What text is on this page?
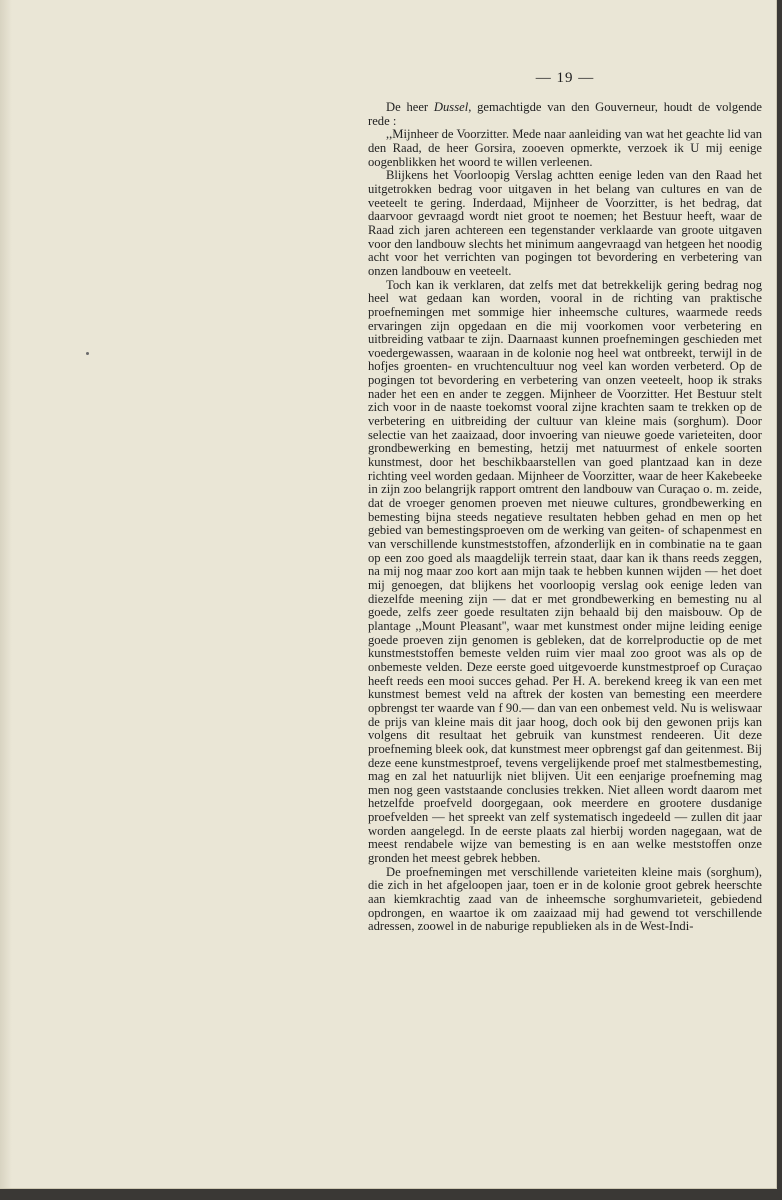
— 19 —

De heer Dussel, gemachtigde van den Gouverneur, houdt de volgende rede :

,,Mijnheer de Voorzitter. Mede naar aanleiding van wat het geachte lid van den Raad, de heer Gorsira, zooeven opmerkte, verzoek ik U mij eenige oogenblikken het woord te willen verleenen.

Blijkens het Voorloopig Verslag achtten eenige leden van den Raad het uitgetrokken bedrag voor uitgaven in het belang van cultures en van de veeteelt te gering. Inderdaad, Mijnheer de Voorzitter, is het bedrag, dat daarvoor gevraagd wordt niet groot te noemen; het Bestuur heeft, waar de Raad zich jaren achtereen een tegenstander verklaarde van groote uitgaven voor den landbouw slechts het minimum aangevraagd van hetgeen het noodig acht voor het verrichten van pogingen tot bevordering en verbetering van onzen landbouw en veeteelt.

Toch kan ik verklaren, dat zelfs met dat betrekkelijk gering bedrag nog heel wat gedaan kan worden, vooral in de richting van praktische proefnemingen met sommige hier inheemsche cultures, waarmede reeds ervaringen zijn opgedaan en die mij voorkomen voor verbetering en uitbreiding vatbaar te zijn. Daarnaast kunnen proefnemingen geschieden met voedergewassen, waaraan in de kolonie nog heel wat ontbreekt, terwijl in de hofjes groenten- en vruchtencultuur nog veel kan worden verbeterd. Op de pogingen tot bevordering en verbetering van onzen veeteelt, hoop ik straks nader het een en ander te zeggen. Mijnheer de Voorzitter. Het Bestuur stelt zich voor in de naaste toekomst vooral zijne krachten saam te trekken op de verbetering en uitbreiding der cultuur van kleine mais (sorghum). Door selectie van het zaaizaad, door invoering van nieuwe goede varieteiten, door grondbewerking en bemesting, hetzij met natuurmest of enkele soorten kunstmest, door het beschikbaarstellen van goed plantzaad kan in deze richting veel worden gedaan. Mijnheer de Voorzitter, waar de heer Kakebeeke in zijn zoo belangrijk rapport omtrent den landbouw van Curaçao o. m. zeide, dat de vroeger genomen proeven met nieuwe cultures, grondbewerking en bemesting bijna steeds negatieve resultaten hebben gehad en men op het gebied van bemestingsproeven om de werking van geiten- of schapenmest en van verschillende kunstmeststoffen, afzonderlijk en in combinatie na te gaan op een zoo goed als maagdelijk terrein staat, daar kan ik thans reeds zeggen, na mij nog maar zoo kort aan mijn taak te hebben kunnen wijden — het doet mij genoegen, dat blijkens het voorloopig verslag ook eenige leden van diezelfde meening zijn — dat er met grondbewerking en bemesting nu al goede, zelfs zeer goede resultaten zijn behaald bij den maisbouw. Op de plantage ,,Mount Pleasant'', waar met kunstmest onder mijne leiding eenige goede proeven zijn genomen is gebleken, dat de korrelproductie op de met kunstmeststoffen bemeste velden ruim vier maal zoo groot was als op de onbemeste velden. Deze eerste goed uitgevoerde kunstmestproef op Curaçao heeft reeds een mooi succes gehad. Per H. A. berekend kreeg ik van een met kunstmest bemest veld na aftrek der kosten van bemesting een meerdere opbrengst ter waarde van f 90.— dan van een onbemest veld. Nu is weliswaar de prijs van kleine mais dit jaar hoog, doch ook bij den gewonen prijs kan volgens dit resultaat het gebruik van kunstmest rendeeren. Uit deze proefneming bleek ook, dat kunstmest meer opbrengst gaf dan geitenmest. Bij deze eene kunstmestproef, tevens vergelijkende proef met stalmestbemesting, mag en zal het natuurlijk niet blijven. Uit een eenjarige proefneming mag men nog geen vaststaande conclusies trekken. Niet alleen wordt daarom met hetzelfde proefveld doorgegaan, ook meerdere en grootere dusdanige proefvelden — het spreekt van zelf systematisch ingedeeld — zullen dit jaar worden aangelegd. In de eerste plaats zal hierbij worden nagegaan, wat de meest rendabele wijze van bemesting is en aan welke meststoffen onze gronden het meest gebrek hebben.

De proefnemingen met verschillende varieteiten kleine mais (sorghum), die zich in het afgeloopen jaar, toen er in de kolonie groot gebrek heerschte aan kiemkrachtig zaad van de inheemsche sorghumvarieteit, gebiedend opdrongen, en waartoe ik om zaaizaad mij had gewend tot verschillende adressen, zoowel in de naburige republieken als in de West-Indi-
